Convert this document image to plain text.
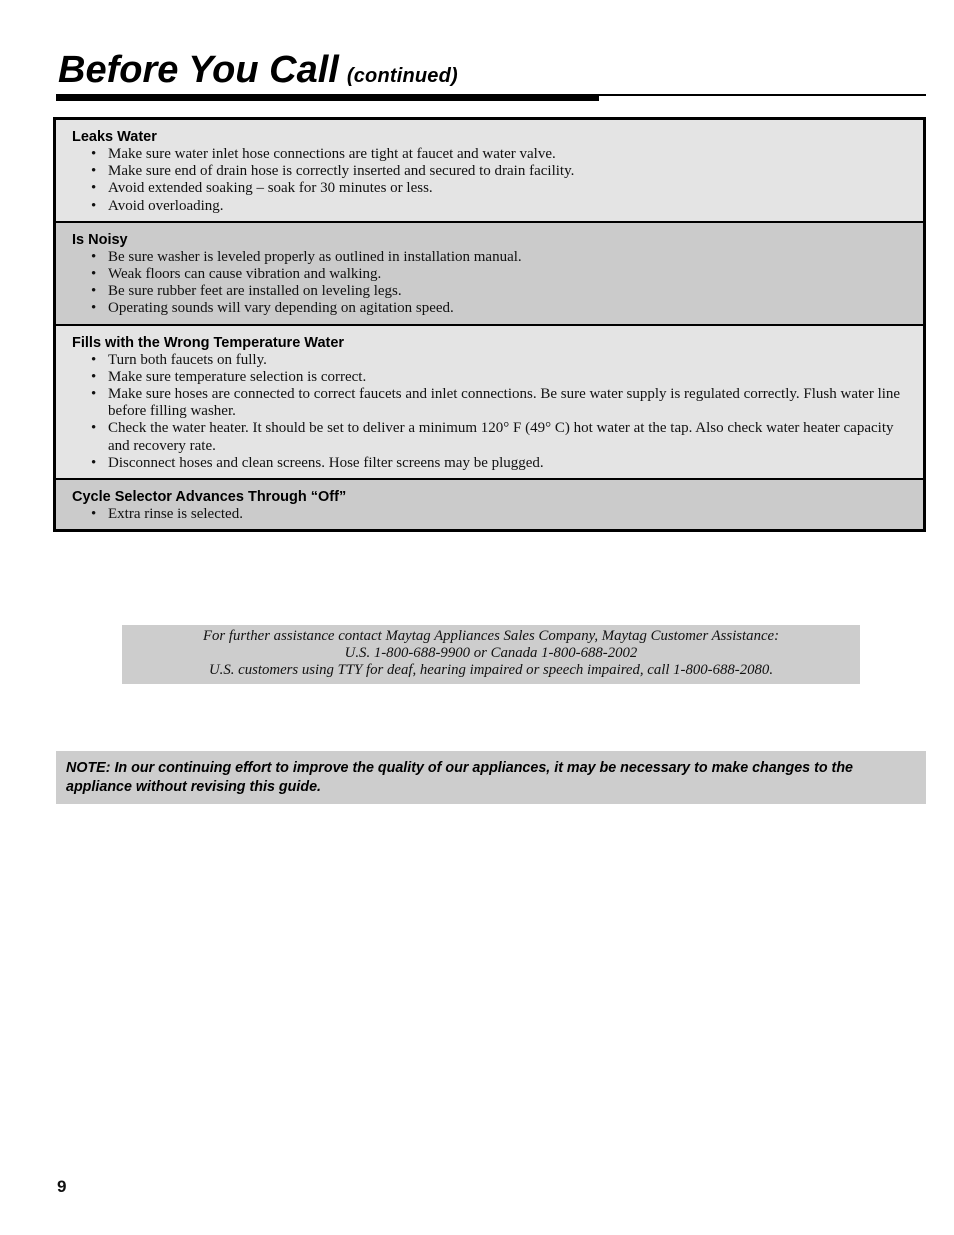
Before You Call (continued)
Leaks Water
• Make sure water inlet hose connections are tight at faucet and water valve.
• Make sure end of drain hose is correctly inserted and secured to drain facility.
• Avoid extended soaking – soak for 30 minutes or less.
• Avoid overloading.
Is Noisy
• Be sure washer is leveled properly as outlined in installation manual.
• Weak floors can cause vibration and walking.
• Be sure rubber feet are installed on leveling legs.
• Operating sounds will vary depending on agitation speed.
Fills with the Wrong Temperature Water
• Turn both faucets on fully.
• Make sure temperature selection is correct.
• Make sure hoses are connected to correct faucets and inlet connections. Be sure water supply is regulated correctly. Flush water line before filling washer.
• Check the water heater. It should be set to deliver a minimum 120° F (49° C) hot water at the tap. Also check water heater capacity and recovery rate.
• Disconnect hoses and clean screens. Hose filter screens may be plugged.
Cycle Selector Advances Through “Off”
• Extra rinse is selected.
For further assistance contact Maytag Appliances Sales Company, Maytag Customer Assistance:
U.S. 1-800-688-9900 or Canada 1-800-688-2002
U.S. customers using TTY for deaf, hearing impaired or speech impaired, call 1-800-688-2080.
NOTE: In our continuing effort to improve the quality of our appliances, it may be necessary to make changes to the appliance without revising this guide.
9
